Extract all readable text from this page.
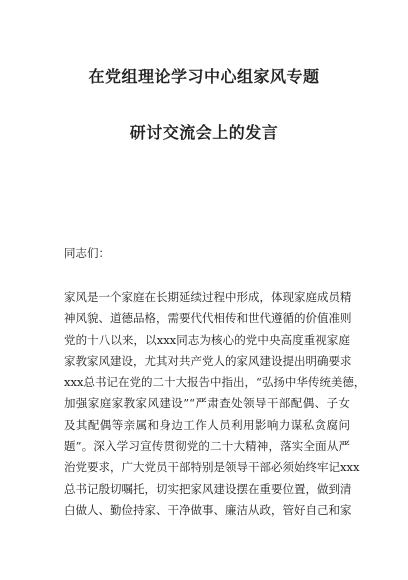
在党组理论学习中心组家风专题
研讨交流会上的发言
同志们：
家风是一个家庭在长期延续过程中形成，体现家庭成员精
神风貌、道德品格，需要代代相传和世代遵循的价值准则
党的十八以来，以xxx同志为核心的党中央高度重视家庭
家教家风建设，尤其对共产党人的家风建设提出明确要求
xxx总书记在党的二十大报告中指出，“弘扬中华传统美德，
加强家庭家教家风建设”“严肃查处领导干部配偶、子女
及其配偶等亲属和身边工作人员利用影响力谋私贪腐问
题”。深入学习宣传贯彻党的二十大精神，落实全面从严
治党要求，广大党员干部特别是领导干部必须始终牢记xxx
总书记殷切嘱托，切实把家风建设摆在重要位置，做到清
白做人、勤俭持家、干净做事、廉洁从政，管好自己和家
